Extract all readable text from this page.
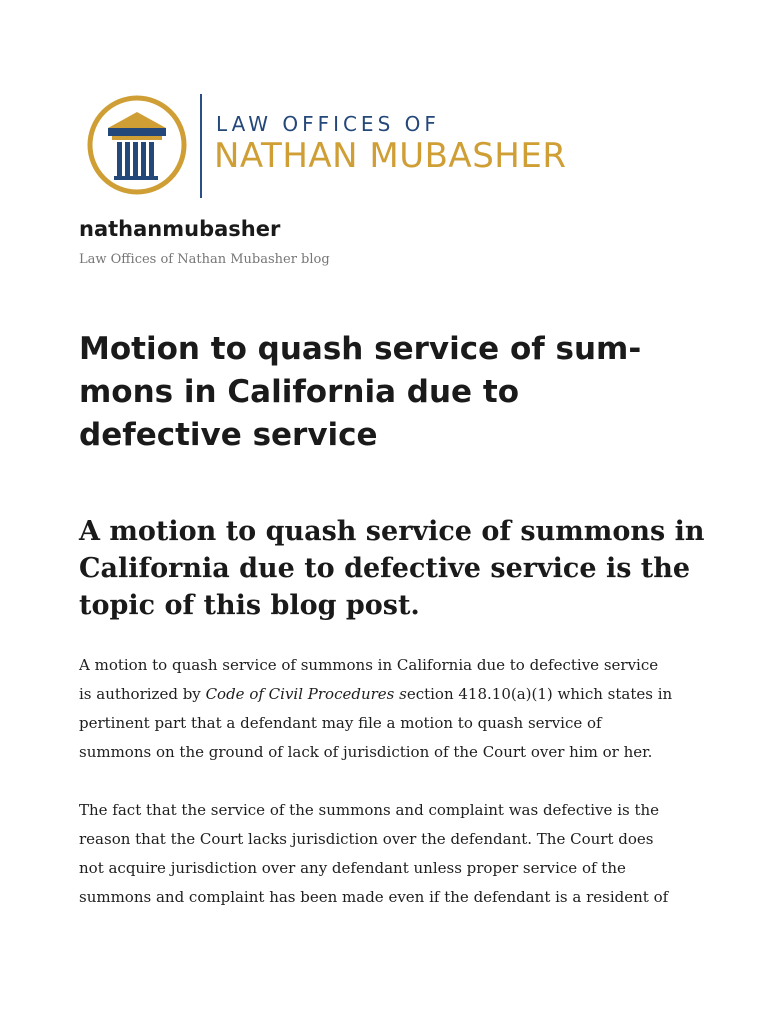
LAW OFFICES OF
NATHAN MUBASHER
nathanmubasher

Law Offices of Nathan Mubasher blog

Motion to quash service of sum-
mons in California due to
defective service
A motion to quash service of summons in
California due to defective service is the
topic of this blog post.
A motion to quash service of summons in California due to defective service
is authorized by Code of Civil Procedures section 418.10(a)(1) which states in
pertinent part that a defendant may file a motion to quash service of
summons on the ground of lack of jurisdiction of the Court over him or her.
The fact that the service of the summons and complaint was defective is the
reason that the Court lacks jurisdiction over the defendant. The Court does
not acquire jurisdiction over any defendant unless proper service of the
summons and complaint has been made even if the defendant is a resident of
